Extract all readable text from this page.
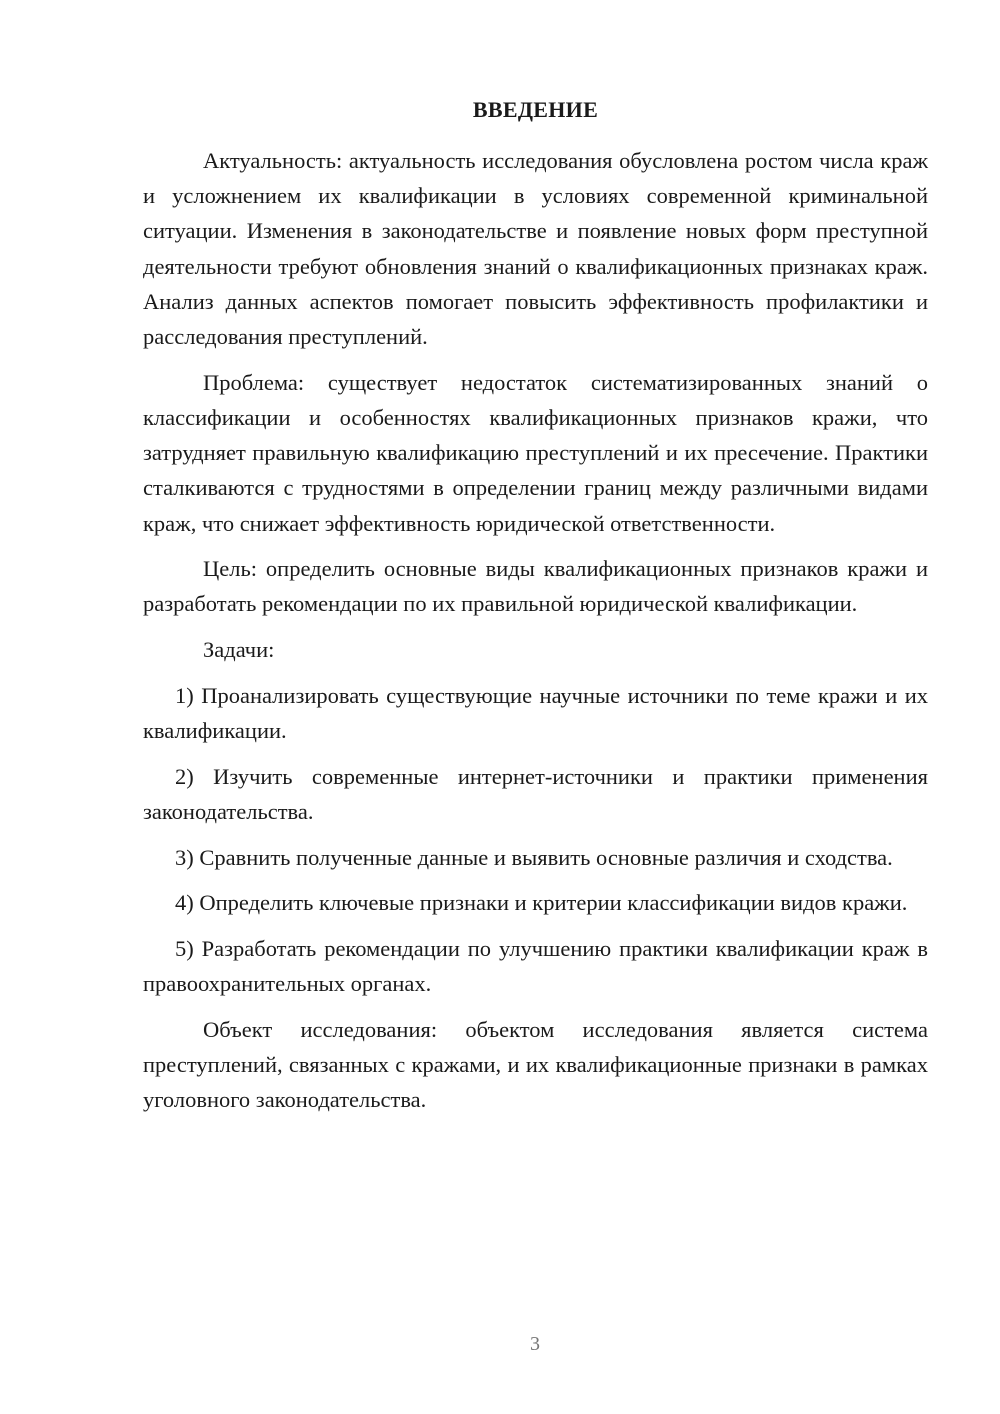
ВВЕДЕНИЕ

Актуальность: актуальность исследования обусловлена ростом числа краж и усложнением их квалификации в условиях современной криминальной ситуации. Изменения в законодательстве и появление новых форм преступной деятельности требуют обновления знаний о квалификационных признаках краж. Анализ данных аспектов помогает повысить эффективность профилактики и расследования преступлений.

Проблема: существует недостаток систематизированных знаний о классификации и особенностях квалификационных признаков кражи, что затрудняет правильную квалификацию преступлений и их пресечение. Практики сталкиваются с трудностями в определении границ между различными видами краж, что снижает эффективность юридической ответственности.

Цель: определить основные виды квалификационных признаков кражи и разработать рекомендации по их правильной юридической квалификации.

Задачи:

1) Проанализировать существующие научные источники по теме кражи и их квалификации.

2) Изучить современные интернет-источники и практики применения законодательства.

3) Сравнить полученные данные и выявить основные различия и сходства.

4) Определить ключевые признаки и критерии классификации видов кражи.

5) Разработать рекомендации по улучшению практики квалификации краж в правоохранительных органах.

Объект исследования: объектом исследования является система преступлений, связанных с кражами, и их квалификационные признаки в рамках уголовного законодательства.

3
